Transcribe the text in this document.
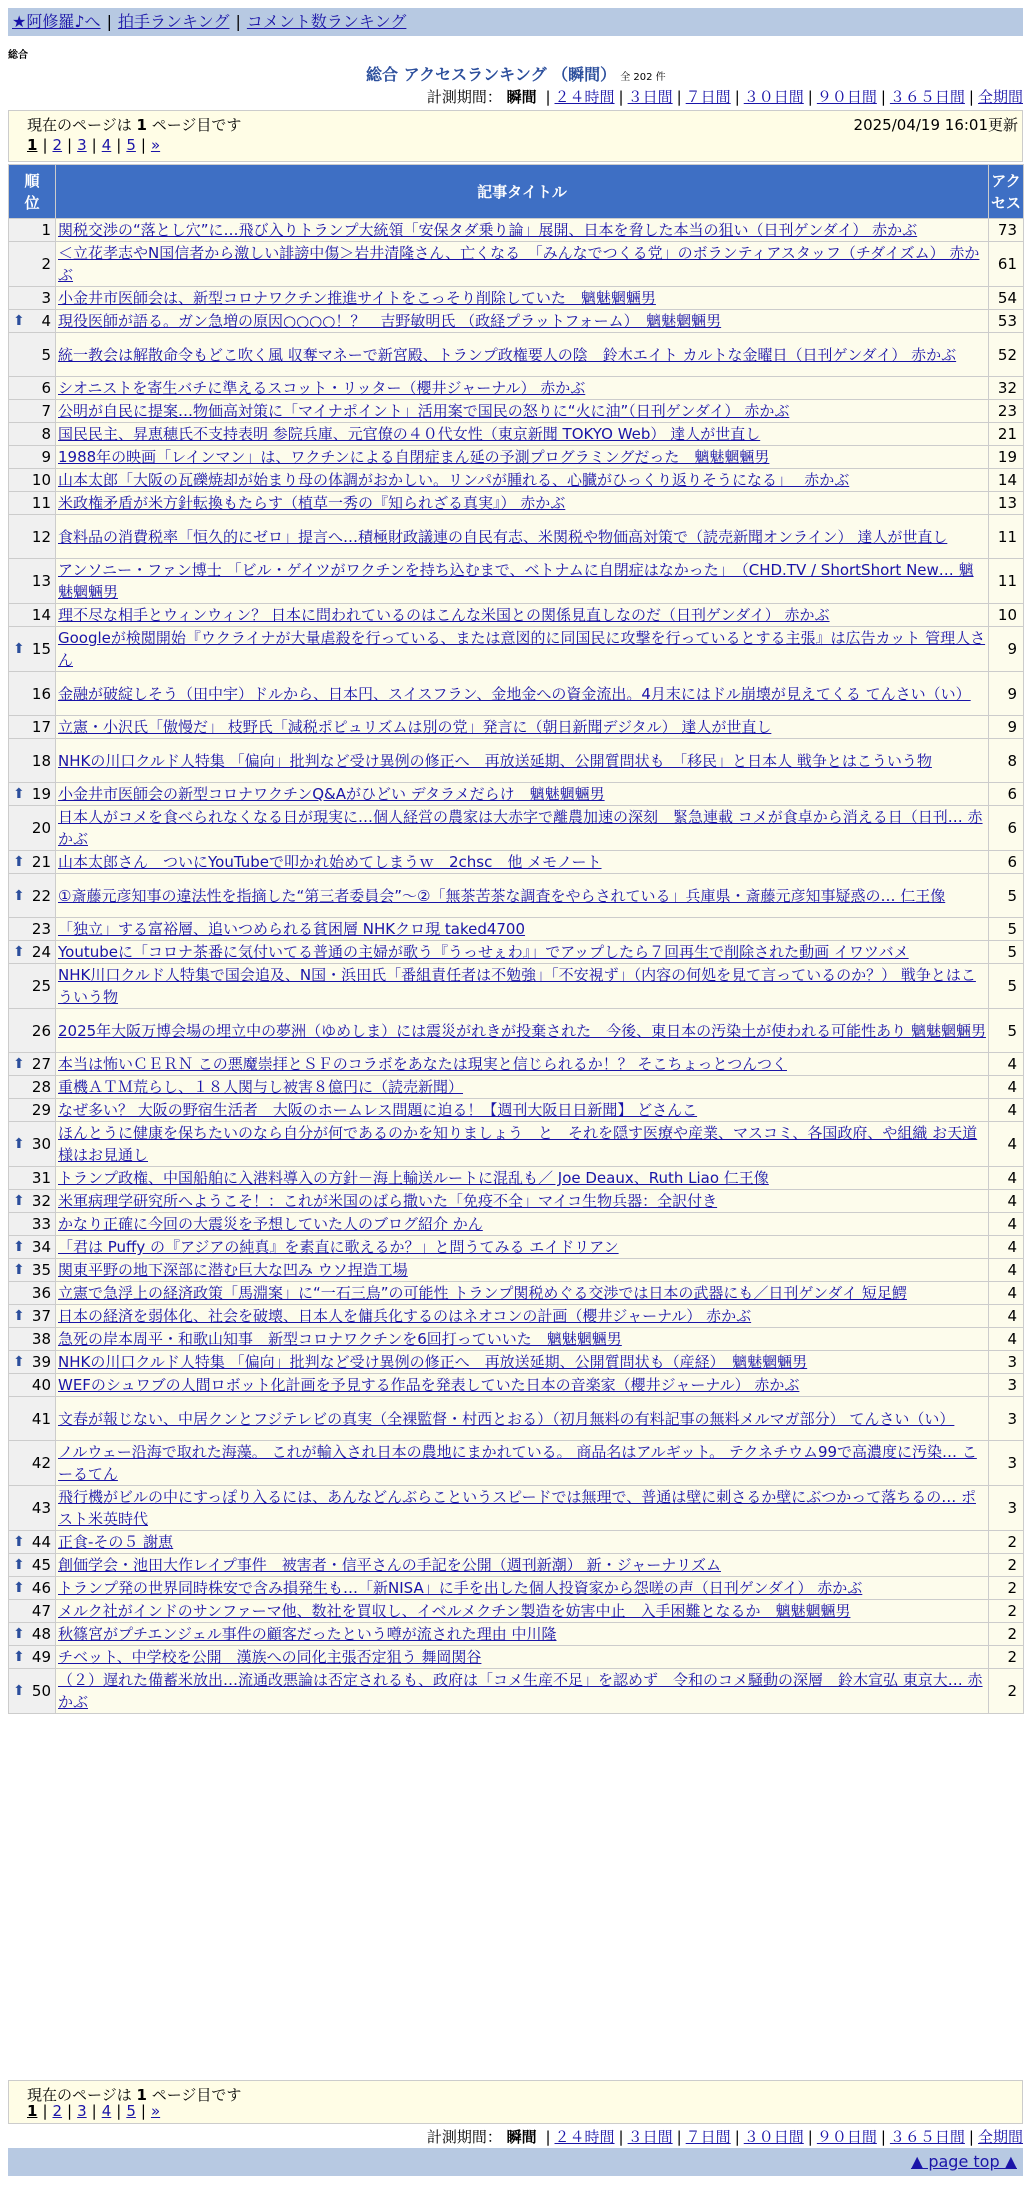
★阿修羅♪へ | 拍手ランキング | コメント数ランキング
総合
総合 アクセスランキング （瞬間） 全 202 件
計測期間： 瞬間 | ２４時間 | ３日間 | ７日間 | ３０日間 | ９０日間 | ３６５日間 | 全期間
現在のページは 1 ページ目です	2025/04/19 16:01更新
1 | 2 | 3 | 4 | 5 | »
順位	記事タイトル	アクセス
1	関税交渉の“落とし穴”に…飛び入りトランプ大統領「安保タダ乗り論」展開、日本を脅した本当の狙い（日刊ゲンダイ） 赤かぶ	73
2	＜立花孝志やN国信者から激しい誹謗中傷＞岩井清隆さん、亡くなる　「みんなでつくる党」のボランティアスタッフ（チダイズム） 赤かぶ	61
3	小金井市医師会は、新型コロナワクチン推進サイトをこっそり削除していた　魑魅魍魎男	54

⬆ 4	現役医師が語る。ガン急増の原因○○○○！？　吉野敏明氏 （政経プラットフォーム）　魑魅魍魎男	53
5	統一教会は解散命令もどこ吹く風 収奪マネーで新宮殿、トランプ政権要人の陰　鈴木エイト カルトな金曜日（日刊ゲンダイ） 赤かぶ	52
6	シオニストを寄生バチに準えるスコット・リッター（櫻井ジャーナル） 赤かぶ	32
7	公明が自民に提案…物価高対策に「マイナポイント」活用案で国民の怒りに“火に油”（日刊ゲンダイ） 赤かぶ	23
8	国民民主、昇恵穂氏不支持表明 参院兵庫、元官僚の４０代女性（東京新聞 TOKYO Web） 達人が世直し	21
9	1988年の映画「レインマン」は、ワクチンによる自閉症まん延の予測プログラミングだった　魑魅魍魎男	19
10	山本太郎「大阪の瓦礫焼却が始まり母の体調がおかしい。リンパが腫れる、心臓がひっくり返りそうになる」　 赤かぶ	14
11	米政権矛盾が米方針転換もたらす（植草一秀の『知られざる真実』） 赤かぶ	13
12	食料品の消費税率「恒久的にゼロ」提言へ…積極財政議連の自民有志、米関税や物価高対策で（読売新聞オンライン） 達人が世直し	11
13	アンソニー・ファン博士 「ビル・ゲイツがワクチンを持ち込むまで、ベトナムに自閉症はなかった」　（CHD.TV / ShortShort New… 魑魅魍魎男	11
14	理不尽な相手とウィンウィン？ 日本に問われているのはこんな米国との関係見直しなのだ（日刊ゲンダイ） 赤かぶ	10

⬆ 15	Googleが検閲開始『ウクライナが大量虐殺を行っている、または意図的に同国民に攻撃を行っているとする主張』は広告カット 管理人さん	9
16	金融が破綻しそう（田中宇）ドルから、日本円、スイスフラン、金地金への資金流出。4月末にはドル崩壊が見えてくる てんさい（い）	9
17	立憲・小沢氏「傲慢だ」 枝野氏「減税ポピュリズムは別の党」発言に（朝日新聞デジタル） 達人が世直し	9
18	NHKの川口クルド人特集 「偏向」批判など受け異例の修正へ　再放送延期、公開質問状も　「移民」と日本人 戦争とはこういう物	8

⬆ 19	小金井市医師会の新型コロナワクチンQ&Aがひどい デタラメだらけ　魑魅魍魎男	6
20	日本人がコメを食べられなくなる日が現実に…個人経営の農家は大赤字で離農加速の深刻　緊急連載 コメが食卓から消える日（日刊… 赤かぶ	6

⬆ 21	山本太郎さん　ついにYouTubeで叩かれ始めてしまうｗ　2chsc　他 メモノート	6

⬆ 22	①斎藤元彦知事の違法性を指摘した“第三者委員会”〜②「無茶苦茶な調査をやらされている」兵庫県・斎藤元彦知事疑惑の… 仁王像	5
23	「独立」する富裕層、追いつめられる貧困層 NHKクロ現 taked4700	5

⬆ 24	Youtubeに「コロナ茶番に気付いてる普通の主婦が歌う『うっせぇわ』」でアップしたら７回再生で削除された動画 イワツバメ	5
25	NHK川口クルド人特集で国会追及、N国・浜田氏「番組責任者は不勉強」「不安視ず」（内容の何処を見て言っているのか？） 戦争とはこういう物	5
26	2025年大阪万博会場の埋立中の夢洲（ゆめしま）には震災がれきが投棄された　今後、東日本の汚染土が使われる可能性あり 魑魅魍魎男	5

⬆ 27	本当は怖いＣＥＲＮ この悪魔崇拝とＳＦのコラボをあなたは現実と信じられるか！？ そこちょっとつんつく	4
28	重機ＡＴＭ荒らし、１８人関与し被害８億円に（読売新聞）	4
29	なぜ多い？ 大阪の野宿生活者　大阪のホームレス問題に迫る！【週刊大阪日日新聞】 どさんこ	4

⬆ 30	ほんとうに健康を保ちたいのなら自分が何であるのかを知りましょう　と　それを隠す医療や産業、マスコミ、各国政府、や組織 お天道様はお見通し	4
31	トランプ政権、中国船舶に入港料導入の方針－海上輸送ルートに混乱も／ Joe Deaux、Ruth Liao 仁王像	4

⬆ 32	米軍病理学研究所へようこそ！：これが米国のばら撒いた「免疫不全」マイコ生物兵器：全訳付き	4
33	かなり正確に今回の大震災を予想していた人のブログ紹介 かん	4

⬆ 34	「君は Puffy の『アジアの純真』を素直に歌えるか？」と問うてみる エイドリアン	4

⬆ 35	関東平野の地下深部に潜む巨大な凹み ウソ捏造工場	4
36	立憲で急浮上の経済政策「馬淵案」に“一石三鳥”の可能性 トランプ関税めぐる交渉では日本の武器にも／日刊ゲンダイ 短足鰐	4

⬆ 37	日本の経済を弱体化、社会を破壊、日本人を傭兵化するのはネオコンの計画（櫻井ジャーナル） 赤かぶ	4
38	急死の岸本周平・和歌山知事　新型コロナワクチンを6回打っていいた　魑魅魍魎男	4

⬆ 39	NHKの川口クルド人特集 「偏向」批判など受け異例の修正へ　再放送延期、公開質問状も（産経）　魑魅魍魎男	3
40	WEFのシュワブの人間ロボット化計画を予見する作品を発表していた日本の音楽家（櫻井ジャーナル） 赤かぶ	3
41	文春が報じない、中居クンとフジテレビの真実（全裸監督・村西とおる）（初月無料の有料記事の無料メルマガ部分） てんさい（い）	3
42	ノルウェー沿海で取れた海藻。 これが輸入され日本の農地にまかれている。 商品名はアルギット。 テクネチウム99で高濃度に汚染… こーるてん	3
43	飛行機がビルの中にすっぽり入るには、あんなどんぶらこというスピードでは無理で、普通は壁に刺さるか壁にぶつかって落ちるの… ポスト米英時代	3

⬆ 44	正食-その５ 謝恵	2

⬆ 45	創価学会・池田大作レイプ事件　被害者・信平さんの手記を公開（週刊新潮） 新・ジャーナリズム	2

⬆ 46	トランプ発の世界同時株安で含み損発生も…「新NISA」に手を出した個人投資家から怨嗟の声（日刊ゲンダイ） 赤かぶ	2
47	メルク社がインドのサンファーマ他、数社を買収し、イベルメクチン製造を妨害中止　入手困難となるか　魑魅魍魎男	2

⬆ 48	秋篠宮がプチエンジェル事件の顧客だったという噂が流された理由 中川隆	2

⬆ 49	チベット、中学校を公開　漢族への同化主張否定狙う 舞岡関谷	2

⬆ 50	（２）遅れた備蓄米放出…流通改悪論は否定されるも、政府は「コメ生産不足」を認めず　令和のコメ騒動の深層　鈴木宣弘 東京大… 赤かぶ	2
現在のページは 1 ページ目です
1 | 2 | 3 | 4 | 5 | »
計測期間： 瞬間 | ２４時間 | ３日間 | ７日間 | ３０日間 | ９０日間 | ３６５日間 | 全期間
▲ page top ▲
